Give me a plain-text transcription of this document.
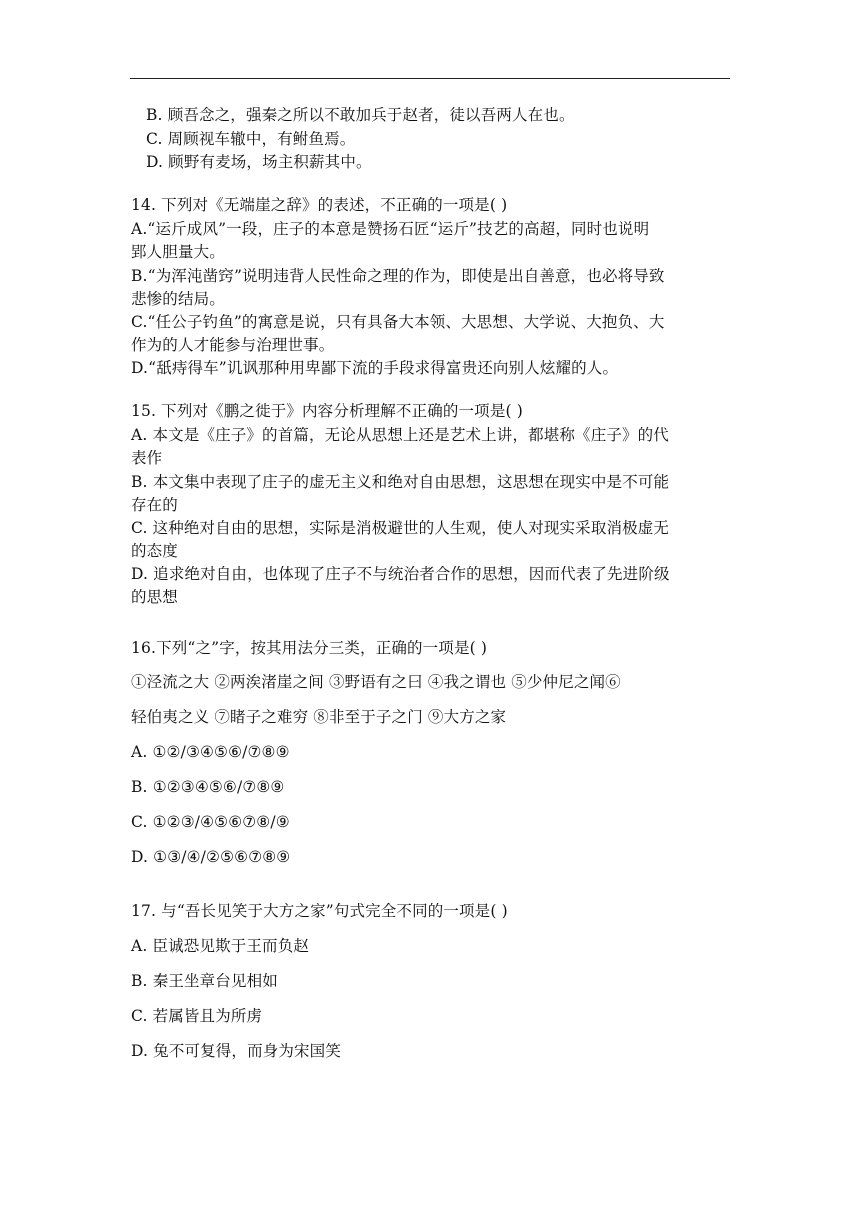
B. 顾吾念之，强秦之所以不敢加兵于赵者，徒以吾两人在也。
C. 周顾视车辙中，有鲋鱼焉。
D. 顾野有麦场，场主积薪其中。
14. 下列对《无端崖之辞》的表述，不正确的一项是( )
A.“运斤成风”一段，庄子的本意是赞扬石匠“运斤”技艺的高超，同时也说明
郢人胆量大。
B.“为浑沌凿窍”说明违背人民性命之理的作为，即使是出自善意，也必将导致
悲惨的结局。
C.“任公子钓鱼”的寓意是说，只有具备大本领、大思想、大学说、大抱负、大
作为的人才能参与治理世事。
D.“舐痔得车”讥讽那种用卑鄙下流的手段求得富贵还向别人炫耀的人。
15. 下列对《鹏之徙于》内容分析理解不正确的一项是( )
A. 本文是《庄子》的首篇，无论从思想上还是艺术上讲，都堪称《庄子》的代
表作
B. 本文集中表现了庄子的虚无主义和绝对自由思想，这思想在现实中是不可能
存在的
C. 这种绝对自由的思想，实际是消极避世的人生观，使人对现实采取消极虚无
的态度
D. 追求绝对自由，也体现了庄子不与统治者合作的思想，因而代表了先进阶级
的思想
16.下列“之”字，按其用法分三类，正确的一项是( )
①泾流之大 ②两涘渚崖之间 ③野语有之曰 ④我之谓也 ⑤少仲尼之闻⑥
轻伯夷之义 ⑦睹子之难穷 ⑧非至于子之门 ⑨大方之家
A. ①②/③④⑤⑥/⑦⑧⑨
B. ①②③④⑤⑥/⑦⑧⑨
C. ①②③/④⑤⑥⑦⑧/⑨
D. ①③/④/②⑤⑥⑦⑧⑨
17. 与“吾长见笑于大方之家”句式完全不同的一项是( )
A. 臣诚恐见欺于王而负赵
B. 秦王坐章台见相如
C. 若属皆且为所虏
D. 兔不可复得，而身为宋国笑
